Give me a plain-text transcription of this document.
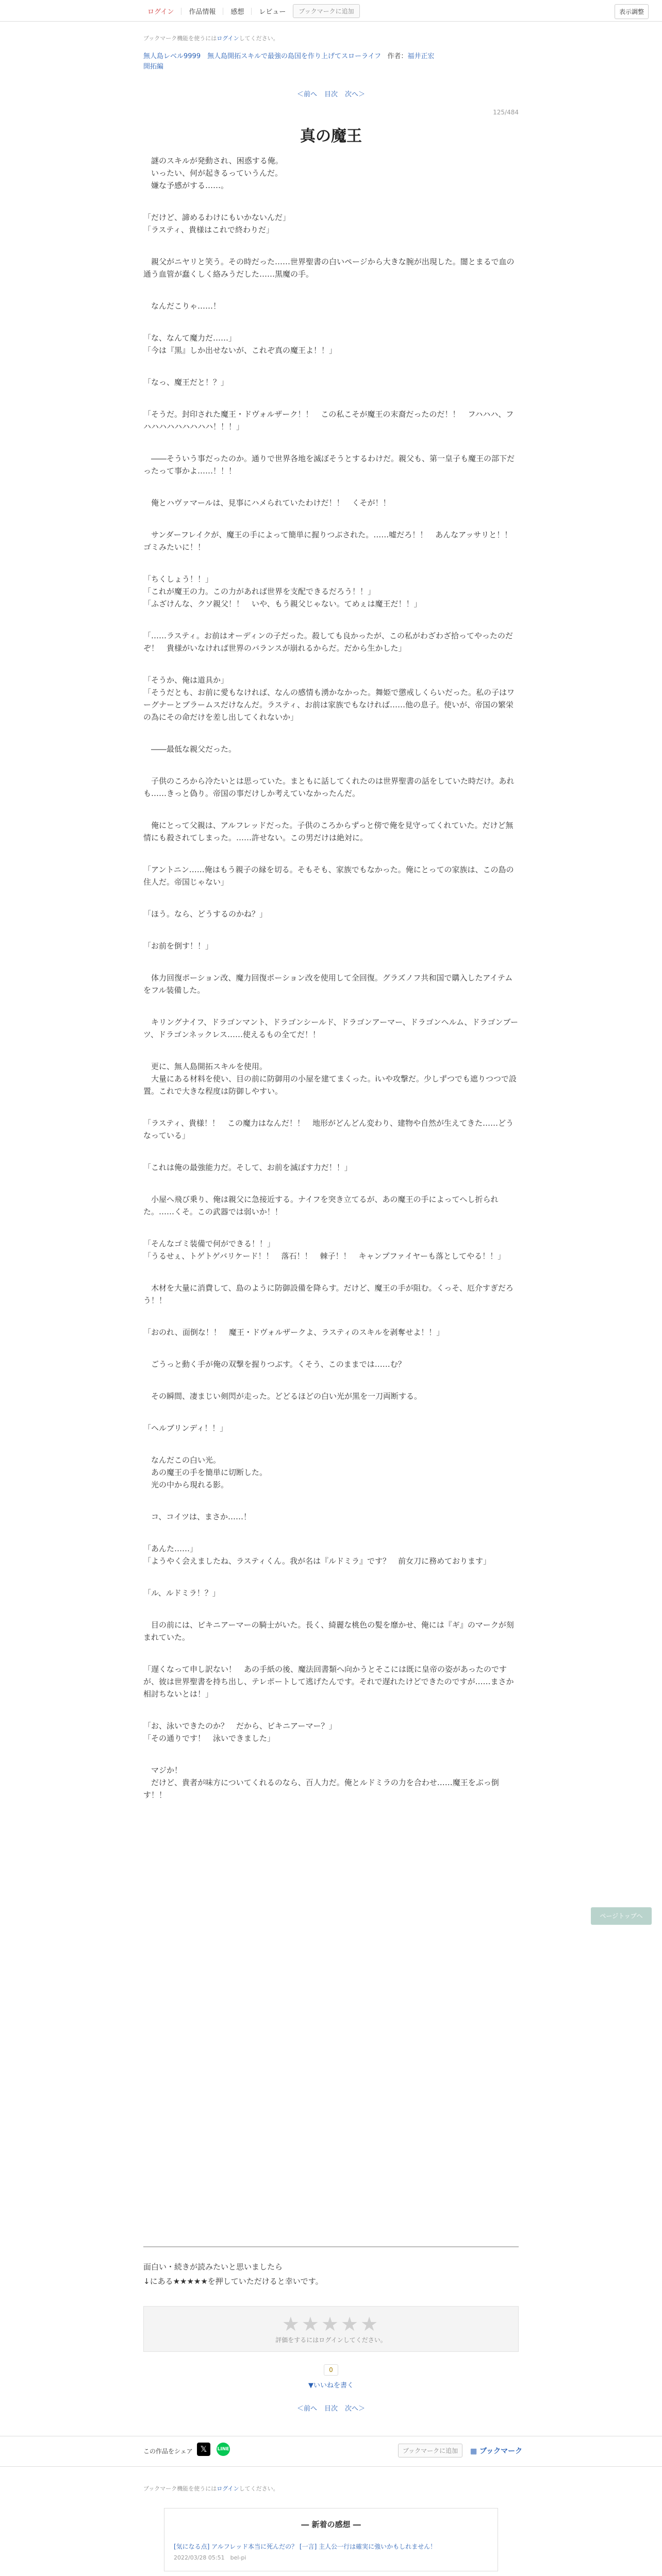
ログイン	作品情報	感想	レビュー	ブックマークに追加	表示調整
ブックマーク機能を使うにはログインしてください。
無人島レベル9999　無人島開拓スキルで最強の島国を作り上げてスローライフ 作者：福井正宏
開拓編
＜前へ 目次 次へ＞
125/484
真の魔王

　謎のスキルが発動され、困惑する俺。
　いったい、何が起きるっていうんだ。
　嫌な予感がする……。

「だけど、諦めるわけにもいかないんだ」
「ラスティ、貴様はこれで終わりだ」

　親父がニヤリと笑う。その時だった……世界聖書の白いページから大きな腕が出現した。闇とまるで血の通う血管が蠢くしく絡みうだした……黒魔の手。

　なんだこりゃ……！

「な、なんて魔力だ……」
「今は『黒』しか出せないが、これぞ真の魔王よ！！」

「なっ、魔王だと！？」

「そうだ。封印された魔王・ドヴォルザーク！！　この私こそが魔王の末裔だったのだ！！　フハハハ、フハハハハハハハハハ！！！」

　――そういう事だったのか。通りで世界各地を滅ぼそうとするわけだ。親父も、第一皇子も魔王の部下だったって事かよ……！！！

　俺とハヴァマールは、見事にハメられていたわけだ！！　くそが！！

　サンダーフレイクが、魔王の手によって簡単に握りつぶされた。……嘘だろ！！　あんなアッサリと！！　ゴミみたいに！！

「ちくしょう！！」
「これが魔王の力。この力があれば世界を支配できるだろう！！」
「ふざけんな、クソ親父！！　いや、もう親父じゃない。てめぇは魔王だ！！」

「……ラスティ。お前はオーディンの子だった。殺しても良かったが、この私がわざわざ拾ってやったのだぞ！　貴様がいなければ世界のバランスが崩れるからだ。だから生かした」

「そうか、俺は道具か」
「そうだとも、お前に愛もなければ、なんの感情も湧かなかった。舞姫で懲戒しくらいだった。私の子はワーグナーとブラームスだけなんだ。ラスティ、お前は家族でもなければ……他の息子。使いが、帝国の繁栄の為にその命だけを差し出してくれないか」

　――最低な親父だった。

　子供のころから冷たいとは思っていた。まともに話してくれたのは世界聖書の話をしていた時だけ。あれも……きっと偽り。帝国の事だけしか考えていなかったんだ。

　俺にとって父親は、アルフレッドだった。子供のころからずっと傍で俺を見守ってくれていた。だけど無情にも殺されてしまった。……許せない。この男だけは絶対に。

「アントニン……俺はもう親子の縁を切る。そもそも、家族でもなかった。俺にとっての家族は、この島の住人だ。帝国じゃない」

「ほう。なら、どうするのかね？」

「お前を倒す！！」

　体力回復ポーション改、魔力回復ポーション改を使用して全回復。グラズノフ共和国で購入したアイテムをフル装備した。

　キリングナイフ、ドラゴンマント、ドラゴンシールド、ドラゴンアーマー、ドラゴンヘルム、ドラゴンブーツ、ドラゴンネックレス……使えるもの全てだ！！

　更に、無人島開拓スキルを使用。
　大量にある材料を使い、目の前に防御用の小屋を建てまくった。iいや攻撃だ。少しずつでも遮りつつで設置。これで大きな程度は防御しやすい。

「ラスティ、貴様！！　この魔力はなんだ！！　地形がどんどん変わり、建物や自然が生えてきた……どうなっている」

「これは俺の最強能力だ。そして、お前を滅ぼす力だ！！」

　小屋へ飛び乗り、俺は親父に急接近する。ナイフを突き立てるが、あの魔王の手によってへし折られた。……くそ。この武器では弱いか！！

「そんなゴミ装備で何ができる！！」
「うるせぇ、トゲトゲバリケード！！　落石！！　棘子！！　キャンプファイヤーも落としてやる！！」

　木材を大量に消費して、島のように防御設備を降らす。だけど、魔王の手が阻む。くっそ、厄介すぎだろう！！

「おのれ、面倒な！！　魔王・ドヴォルザークよ、ラスティのスキルを剥奪せよ！！」

　ごうっと動く手が俺の双撃を握りつぶす。くそう、このままでは……む？

　その瞬間、凄まじい剣閃が走った。どどるほどの白い光が黒を一刀両断する。

「ヘルブリンディ！！」

　なんだこの白い光。
　あの魔王の手を簡単に切断した。
　光の中から現れる影。

　コ、コイツは、まさか……！

「あんた……」
「ようやく会えましたね、ラスティくん。我が名は『ルドミラ』です？　前女刀に務めております」

「ル、ルドミラ！？」

　目の前には、ビキニアーマーの騎士がいた。長く、綺麗な桃色の髪を靡かせ、俺には『ギ』のマークが刻まれていた。

「遅くなって申し訳ない！　あの手紙の後、魔法回書類へ向かうとそこには既に皇帝の姿があったのですが、彼は世界聖書を持ち出し、テレポートして逃げたんです。それで遅れたけどできたのですが……まさか相討ちないとは！」

「お、泳いできたのか？　だから、ビキニアーマー？」
「その通りです！　泳いできました」

　マジか！
　だけど、貴者が味方についてくれるのなら、百人力だ。俺とルドミラの力を合わせ……魔王をぶっ倒す！！

面白い・続きが読みたいと思いましたら
↓にある★★★★★を押していただけると幸いです。
★★★★★
評価をするにはログインしてください。
0
▼いいねを書く
＜前へ 目次 次へ＞
この作品をシェア 𝕏	LINE	ブックマークに追加	▦ ブックマーク
ブックマーク機能を使うにはログインしてください。
― 新着の感想 ―
[気になる点] アルフレッド本当に死んだの？ [一言] 主人公一行は確実に強いかもしれません！
2022/03/28 05:51　bel-pi
ページトップへ
